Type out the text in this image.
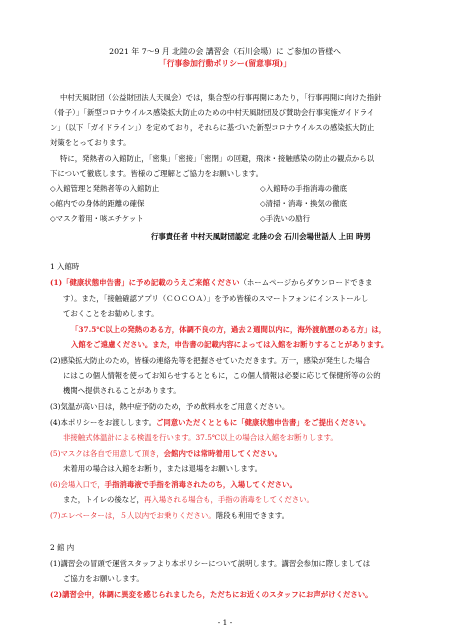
2021 年 7～9 月 北陸の会 講習会（石川会場）に ご参加の皆様へ
「行事参加行動ポリシー(留意事項)」
中村天風財団（公益財団法人天風会）では，集合型の行事再開にあたり，「行事再開に向けた指針
（骨子）」「新型コロナウイルス感染拡大防止のための中村天風財団及び賛助会行事実施ガイドライ
ン」（以下「ガイドライン」）を定めており，それらに基づいた新型コロナウイルスの感染拡大防止
対策をとっております。
特に，発熱者の入館防止，「密集」「密接」「密閉」の回避，飛沫・接触感染の防止の観点から以
下について徹底します。皆様のご理解とご協力をお願いします。
◇入館管理と発熱者等の入館防止	◇入館時の手指消毒の徹底
◇館内での身体的距離の確保	◇清掃・消毒・換気の徹底
◇マスク着用・咳エチケット	◇手洗いの励行
行事責任者 中村天風財団認定 北陸の会 石川会場世話人 上田 時男
1 入館時
(1)「健康状態申告書」に予め記載のうえご来館ください（ホームページからダウンロードできま
す）。また，「接触確認アプリ（ＣＯＣＯＡ）」を予め皆様のスマートフォンにインストールし
ておくことをお勧めします。
「37.5℃以上の発熱のある方，体調不良の方，過去２週間以内に，海外渡航歴のある方」は，
入館をご遠慮ください。また，申告書の記載内容によっては入館をお断りすることがあります。
(2)感染拡大防止のため，皆様の連絡先等を把握させていただきます。万一，感染が発生した場合
にはこの個人情報を使ってお知らせするとともに，この個人情報は必要に応じて保健所等の公的
機関へ提供されることがあります。
(3)気温が高い日は，熱中症予防のため，予め飲料水をご用意ください。
(4)本ポリシーをお渡しします。ご同意いただくとともに「健康状態申告書」をご提出ください。
非接触式体温計による検温を行います。37.5℃以上の場合は入館をお断りします。
(5)マスクは各自で用意して頂き，会館内では常時着用してください。
未着用の場合は入館をお断り，または退場をお願いします。
(6)会場入口で，手指消毒液で手指を消毒されたのち，入場してください。
また，トイレの後など，再入場される場合も，手指の消毒をしてください。
(7)エレベーターは，５人以内でお乗りください。階段も利用できます。
2 館 内
(1)講習会の冒頭で運営スタッフより本ポリシーについて説明します。講習会参加に際しましては
ご協力をお願いします。
(2)講習会中，体調に異変を感じられましたら，ただちにお近くのスタッフにお声がけください。
- 1 -
